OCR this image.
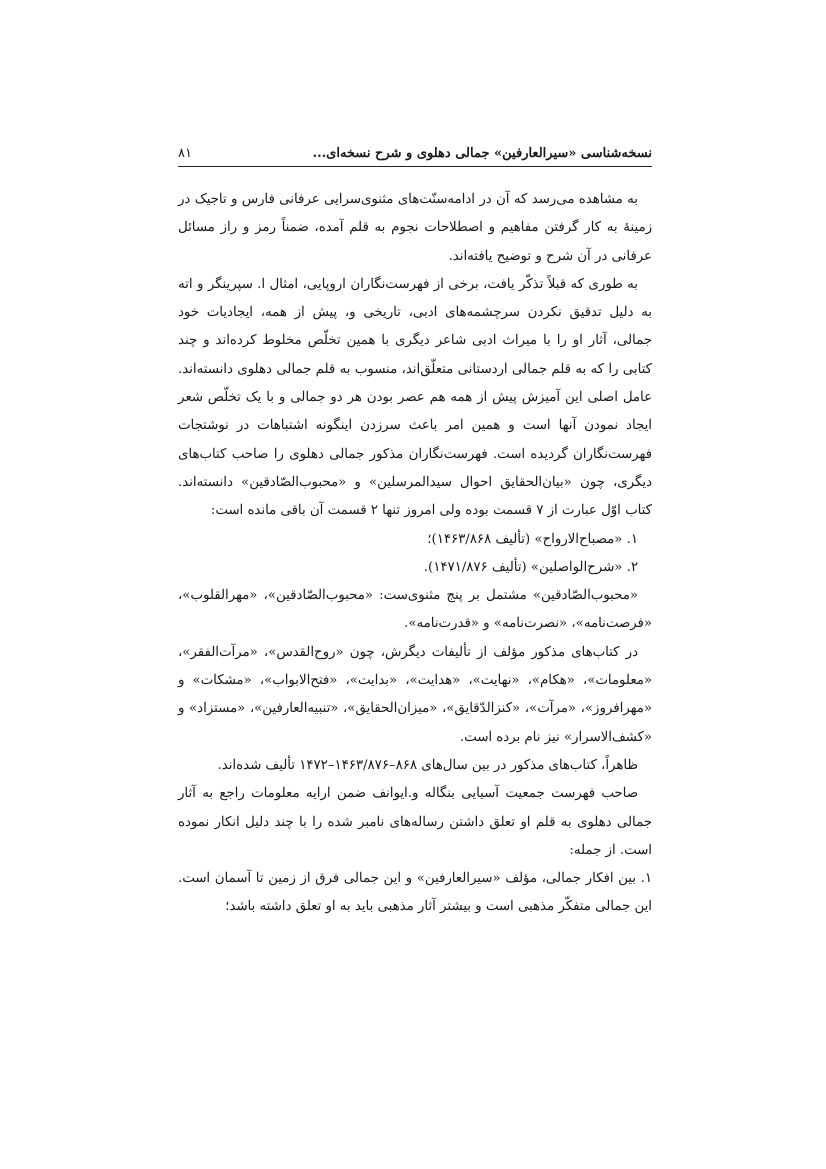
نسخه‌شناسی «سیرالعارفین» جمالی دهلوی و شرح نسخه‌ای...
۸۱

به مشاهده می‌رسد که آن در ادامه‌سنّت‌های مثنوی‌سرایی عرفانی فارس و تاجیک در زمینهٔ به کار گرفتن مفاهیم و اصطلاحات نجوم به قلم آمده، ضمناً رمز و راز مسائل عرفانی در آن شرح و توضیح یافته‌اند.

به طوری که قبلاً تذکّر یافت، برخی از فهرست‌نگاران اروپایی، امثال ا. سپرینگر و اته به دلیل تدقیق نکردن سرچشمه‌های ادبی، تاریخی و، پیش از همه، ایجادیات خود جمالی، آثار او را با میراث ادبی شاعر دیگری با همین تخلّص مخلوط کرده‌اند و چند کتابی را که به قلم جمالی اردستانی متعلّق‌اند، منسوب به قلم جمالی دهلوی دانسته‌اند. عامل اصلی این آمیزش پیش از همه هم عصر بودن هر دو جمالی و با یک تخلّص شعر ایجاد نمودن آنها است و همین امر باعث سرزدن اینگونه اشتباهات در نوشتجات فهرست‌نگاران گردیده است. فهرست‌نگاران مذکور جمالی دهلوی را صاحب کتاب‌های دیگری، چون «بیان‌الحقایق احوال سیدالمرسلین» و «محبوب‌الصّادقین» دانسته‌اند. کتاب اوّل عبارت از ۷ قسمت بوده ولی امروز تنها ۲ قسمت آن باقی مانده است:

۱. «مصباح‌الارواح» (تألیف ۱۴۶۳/۸۶۸)؛

۲. «شرح‌الواصلین» (تألیف ۱۴۷۱/۸۷۶).

«محبوب‌الصّادقین» مشتمل بر پنج مثنوی‌ست: «محبوب‌الصّادقین»، «مهرالقلوب»، «فرصت‌نامه»، «نصرت‌نامه» و «قدرت‌نامه».

در کتاب‌های مذکور مؤلف از تألیفات دیگرش، چون «روح‌القدس»، «مرآت‌الفقر»، «معلومات»، «هکام»، «نهایت»، «هدایت»، «بدایت»، «فتح‌الابواب»، «مشکات» و «مهرافروز»، «مرآت»، «کنزالدّقایق»، «میزان‌الحقایق»، «تنبیه‌العارفین»، «مستزاد» و «کشف‌الاسرار» نیز نام برده است.

ظاهراً، کتاب‌های مذکور در بین سال‌های ۸۶۸–۱۴۶۳/۸۷۶–۱۴۷۲ تألیف شده‌اند.

صاحب فهرست جمعیت آسیایی بنگاله و.ایوانف ضمن ارایه معلومات راجع به آثار جمالی دهلوی به قلم او تعلق داشتن رساله‌های نامبر شده را با چند دلیل انکار نموده است. از جمله:

۱. بین افکار جمالی، مؤلف «سیرالعارفین» و این جمالی فرق از زمین تا آسمان است. این جمالی متفکّر مذهبی است و بیشتر آثار مذهبی باید به او تعلق داشته باشد؛
